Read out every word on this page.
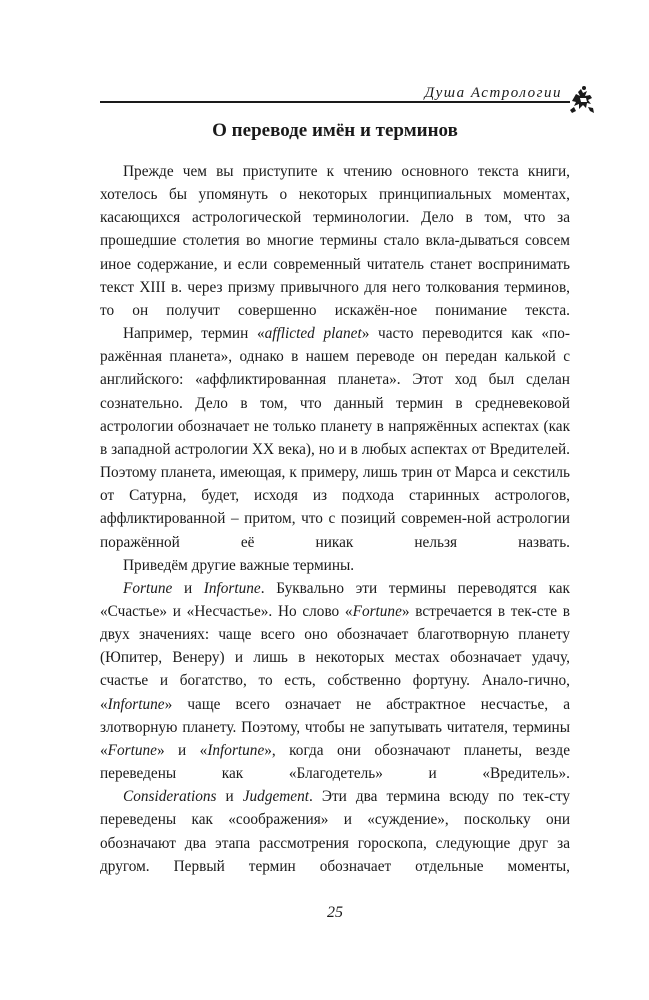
Душа Астрологии
О переводе имён и терминов

Прежде чем вы приступите к чтению основного текста книги, хотелось бы упомянуть о некоторых принципиальных моментах, касающихся астрологической терминологии. Дело в том, что за прошедшие столетия во многие термины стало вкла-дываться совсем иное содержание, и если современный читатель станет воспринимать текст XIII в. через призму привычного для него толкования терминов, то он получит совершенно искажён-ное понимание текста.

Например, термин «afflicted planet» часто переводится как «по-ражённая планета», однако в нашем переводе он передан калькой с английского: «аффликтированная планета». Этот ход был сделан сознательно. Дело в том, что данный термин в средневековой астрологии обозначает не только планету в напряжённых аспектах (как в западной астрологии XX века), но и в любых аспектах от Вредителей. Поэтому планета, имеющая, к примеру, лишь трин от Марса и секстиль от Сатурна, будет, исходя из подхода старинных астрологов, аффликтированной – притом, что с позиций современ-ной астрологии поражённой её никак нельзя назвать.

Приведём другие важные термины.

Fortune и Infortune. Буквально эти термины переводятся как «Счастье» и «Несчастье». Но слово «Fortune» встречается в тек-сте в двух значениях: чаще всего оно обозначает благотворную планету (Юпитер, Венеру) и лишь в некоторых местах обозначает удачу, счастье и богатство, то есть, собственно фортуну. Анало-гично, «Infortune» чаще всего означает не абстрактное несчастье, а злотворную планету. Поэтому, чтобы не запутывать читателя, термины «Fortune» и «Infortune», когда они обозначают планеты, везде переведены как «Благодетель» и «Вредитель».

Considerations и Judgement. Эти два термина всюду по тек-сту переведены как «соображения» и «суждение», поскольку они обозначают два этапа рассмотрения гороскопа, следующие друг за другом. Первый термин обозначает отдельные моменты,

25
